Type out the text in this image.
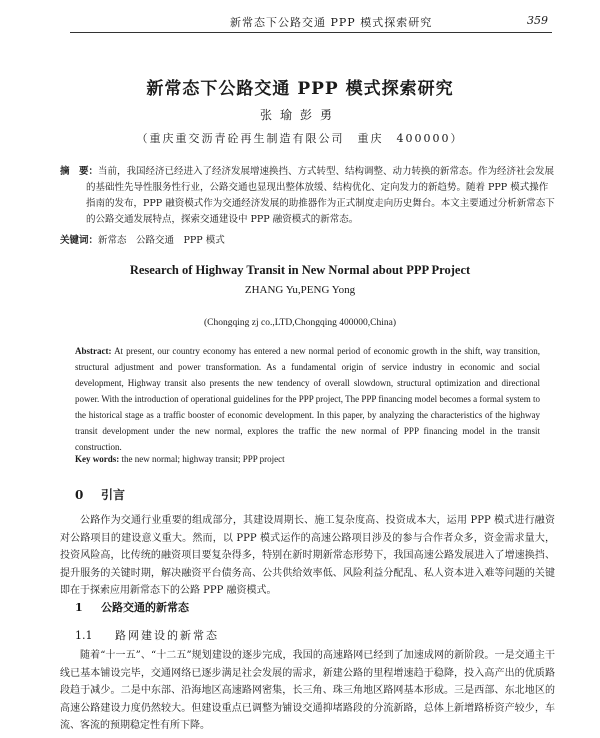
新常态下公路交通 PPP 模式探索研究	359
新常态下公路交通 PPP 模式探索研究
张瑜彭勇
（重庆重交沥青砼再生制造有限公司　重庆　400000）
摘　要：当前，我国经济已经进入了经济发展增速换挡、方式转型、结构调整、动力转换的新常态。作为经济社会发展的基础性先导性服务性行业，公路交通也显现出整体放缓、结构优化、定向发力的新趋势。随着 PPP 模式操作指南的发布，PPP 融资模式作为交通经济发展的助推器作为正式制度走向历史舞台。本文主要通过分析新常态下的公路交通发展特点，探索交通建设中 PPP 融资模式的新常态。
关键词：新常态　公路交通　PPP 模式
Research of Highway Transit in New Normal about PPP Project
ZHANG Yu,PENG Yong
(Chongqing zj co.,LTD,Chongqing 400000,China)
Abstract: At present, our country economy has entered a new normal period of economic growth in the shift, way transition, structural adjustment and power transformation. As a fundamental origin of service industry in economic and social development, Highway transit also presents the new tendency of overall slowdown, structural optimization and directional power. With the introduction of operational guidelines for the PPP project, The PPP financing model becomes a formal system to the historical stage as a traffic booster of economic development. In this paper, by analyzing the characteristics of the highway transit development under the new normal, explores the traffic the new normal of PPP financing model in the transit construction.
Key words: the new normal; highway transit; PPP project
0 引言
公路作为交通行业重要的组成部分，其建设周期长、施工复杂度高、投资成本大，运用 PPP 模式进行融资对公路项目的建设意义重大。然而，以 PPP 模式运作的高速公路项目涉及的参与合作者众多，资金需求量大，投资风险高，比传统的融资项目要复杂得多，特别在新时期新常态形势下，我国高速公路发展进入了增速换挡、提升服务的关键时期，解决融资平台债务高、公共供给效率低、风险利益分配乱、私人资本进入难等问题的关键即在于探索应用新常态下的公路 PPP 融资模式。
1 公路交通的新常态
1.1 路网建设的新常态
随着“十一五”、“十二五”规划建设的逐步完成，我国的高速路网已经到了加速成网的新阶段。一是交通主干线已基本铺设完毕，交通网络已逐步满足社会发展的需求，新建公路的里程增速趋于稳降，投入高产出的优质路段趋于减少。二是中东部、沿海地区高速路网密集，长三角、珠三角地区路网基本形成。三是西部、东北地区的高速公路建设力度仍然较大。但建设重点已调整为铺设交通抑堵路段的分流新路，总体上新增路桥资产较少，车流、客流的预期稳定性有所下降。
